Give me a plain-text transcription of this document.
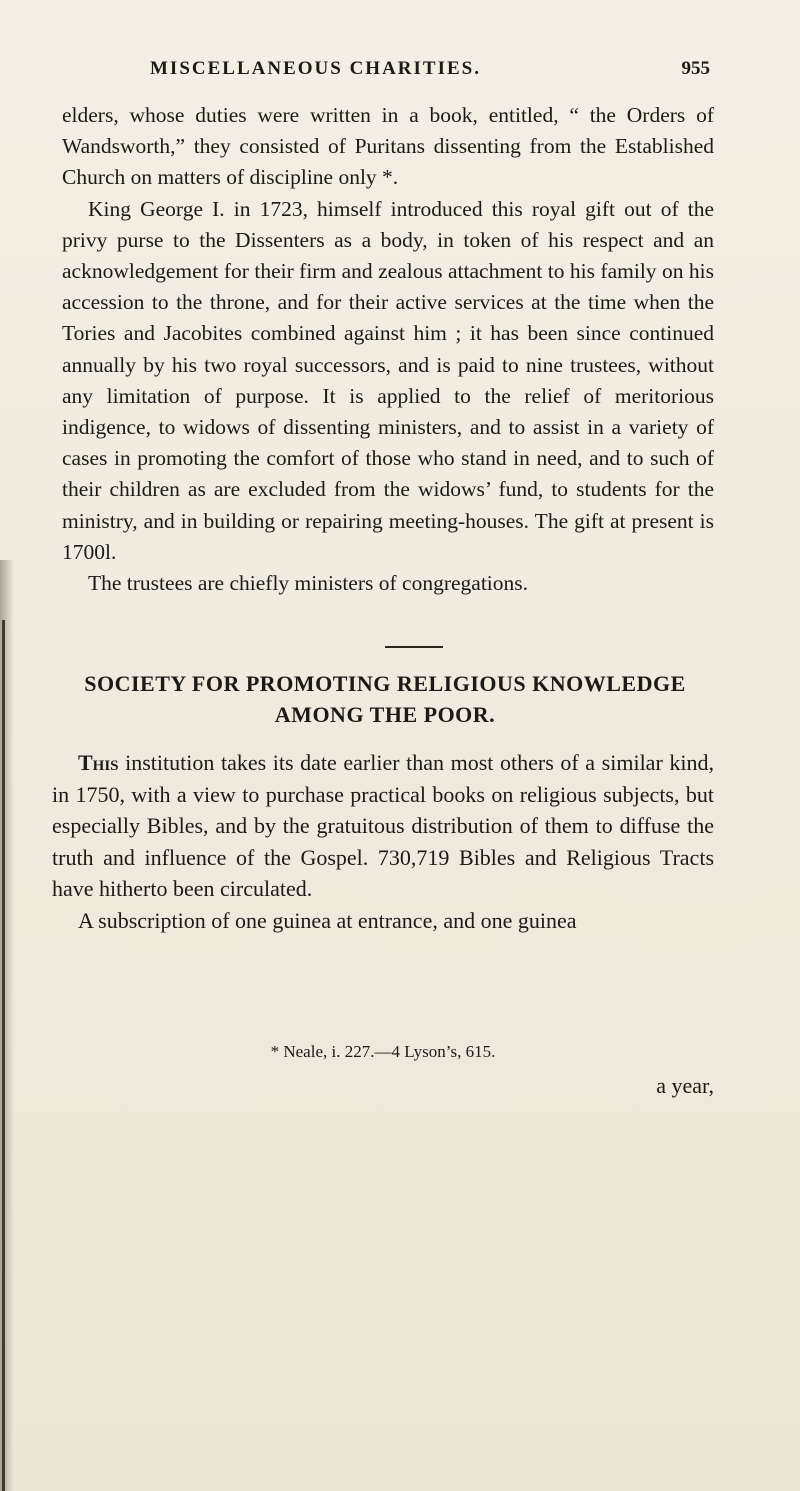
MISCELLANEOUS CHARITIES.	955

elders, whose duties were written in a book, entitled, “ the Orders of Wandsworth,” they consisted of Puritans dissenting from the Established Church on matters of discipline only *.

King George I. in 1723, himself introduced this royal gift out of the privy purse to the Dissenters as a body, in token of his respect and an acknowledgement for their firm and zealous attachment to his family on his accession to the throne, and for their active services at the time when the Tories and Jacobites combined against him ; it has been since continued annually by his two royal successors, and is paid to nine trustees, without any limitation of purpose. It is applied to the relief of meritorious indigence, to widows of dissenting ministers, and to assist in a variety of cases in promoting the comfort of those who stand in need, and to such of their children as are excluded from the widows’ fund, to students for the ministry, and in building or repairing meeting-houses. The gift at present is 1700l.

The trustees are chiefly ministers of congregations.

SOCIETY FOR PROMOTING RELIGIOUS KNOWLEDGE
AMONG THE POOR.

This institution takes its date earlier than most others of a similar kind, in 1750, with a view to purchase practical books on religious subjects, but especially Bibles, and by the gratuitous distribution of them to diffuse the truth and influence of the Gospel. 730,719 Bibles and Religious Tracts have hitherto been circulated.

A subscription of one guinea at entrance, and one guinea

* Neale, i. 227.—4 Lyson’s, 615.
a year,
